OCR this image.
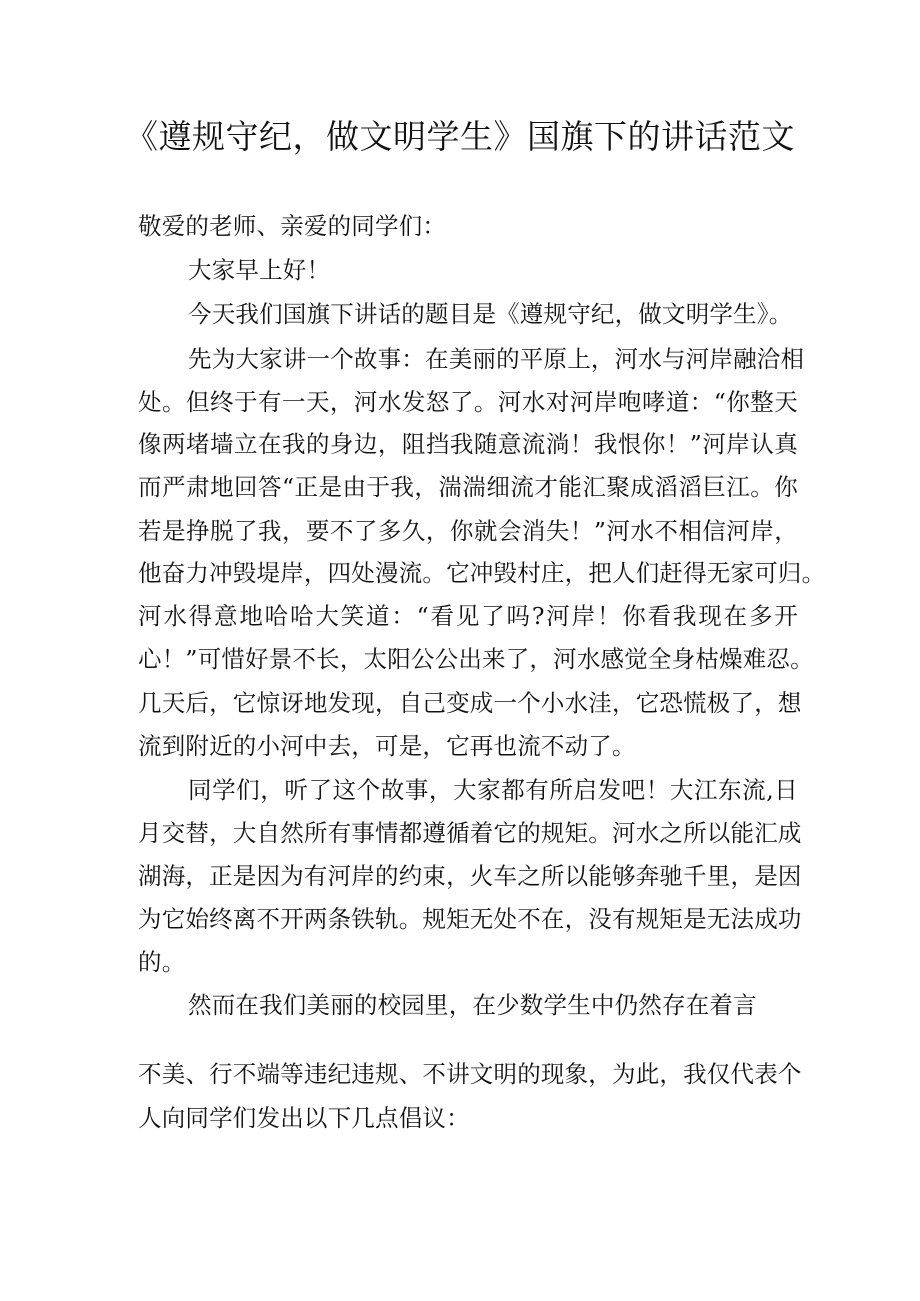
《遵规守纪，做文明学生》国旗下的讲话范文
敬爱的老师、亲爱的同学们：
大家早上好！
今天我们国旗下讲话的题目是《遵规守纪，做文明学生》。
先为大家讲一个故事：在美丽的平原上，河水与河岸融洽相
处。但终于有一天，河水发怒了。河水对河岸咆哮道：“你整天
像两堵墙立在我的身边，阻挡我随意流淌！我恨你！”河岸认真
而严肃地回答“正是由于我，湍湍细流才能汇聚成滔滔巨江。你
若是挣脱了我，要不了多久，你就会消失！”河水不相信河岸，
他奋力冲毁堤岸，四处漫流。它冲毁村庄，把人们赶得无家可归。
河水得意地哈哈大笑道：“看见了吗?河岸！你看我现在多开
心！”可惜好景不长，太阳公公出来了，河水感觉全身枯燥难忍。
几天后，它惊讶地发现，自己变成一个小水洼，它恐慌极了，想
流到附近的小河中去，可是，它再也流不动了。
同学们，听了这个故事，大家都有所启发吧！大江东流,日
月交替，大自然所有事情都遵循着它的规矩。河水之所以能汇成
湖海，正是因为有河岸的约束，火车之所以能够奔驰千里，是因
为它始终离不开两条铁轨。规矩无处不在，没有规矩是无法成功
的。
然而在我们美丽的校园里，在少数学生中仍然存在着言
不美、行不端等违纪违规、不讲文明的现象，为此，我仅代表个
人向同学们发出以下几点倡议：
